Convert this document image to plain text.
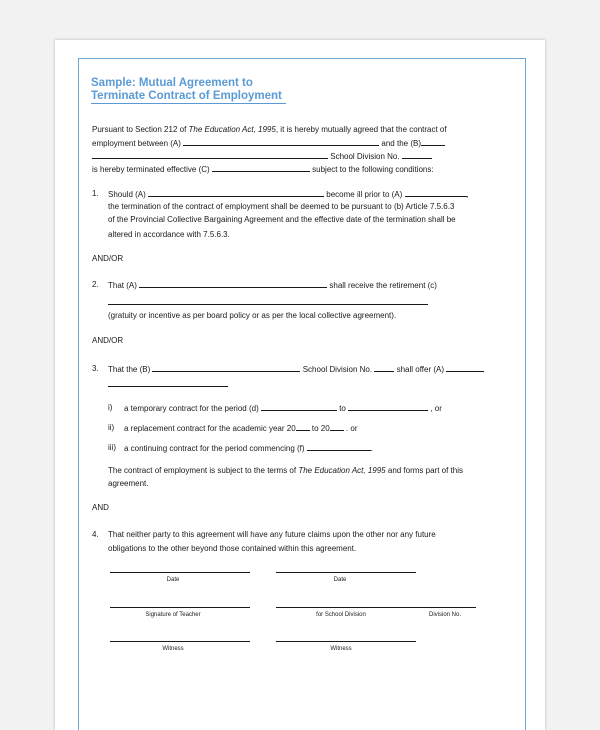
Sample: Mutual Agreement to
Terminate Contract of Employment
Pursuant to Section 212 of The Education Act, 1995, it is hereby mutually agreed that the contract of
employment between (A)	and the (B)
School Division No.
is hereby terminated effective (C)	subject to the following conditions:
1. Should (A)	become ill prior to (A)	,
the termination of the contract of employment shall be deemed to be pursuant to (b) Article 7.5.6.3
of the Provincial Collective Bargaining Agreement and the effective date of the termination shall be
altered in accordance with 7.5.6.3.
AND/OR
2. That (A)	shall receive the retirement (c)
(gratuity or incentive as per board policy or as per the local collective agreement).
AND/OR
3. That the (B)	School Division No.	shall offer (A)
i) a temporary contract for the period (d)	to	, or
ii) a replacement contract for the academic year 20 to 20 . or
iii) a continuing contract for the period commencing (f)	.
The contract of employment is subject to the terms of The Education Act, 1995 and forms part of this
agreement.
AND
4. That neither party to this agreement will have any future claims upon the other nor any future
obligations to the other beyond those contained within this agreement.
Date	Date
Signature of Teacher	for School Division	Division No.
Witness	Witness
